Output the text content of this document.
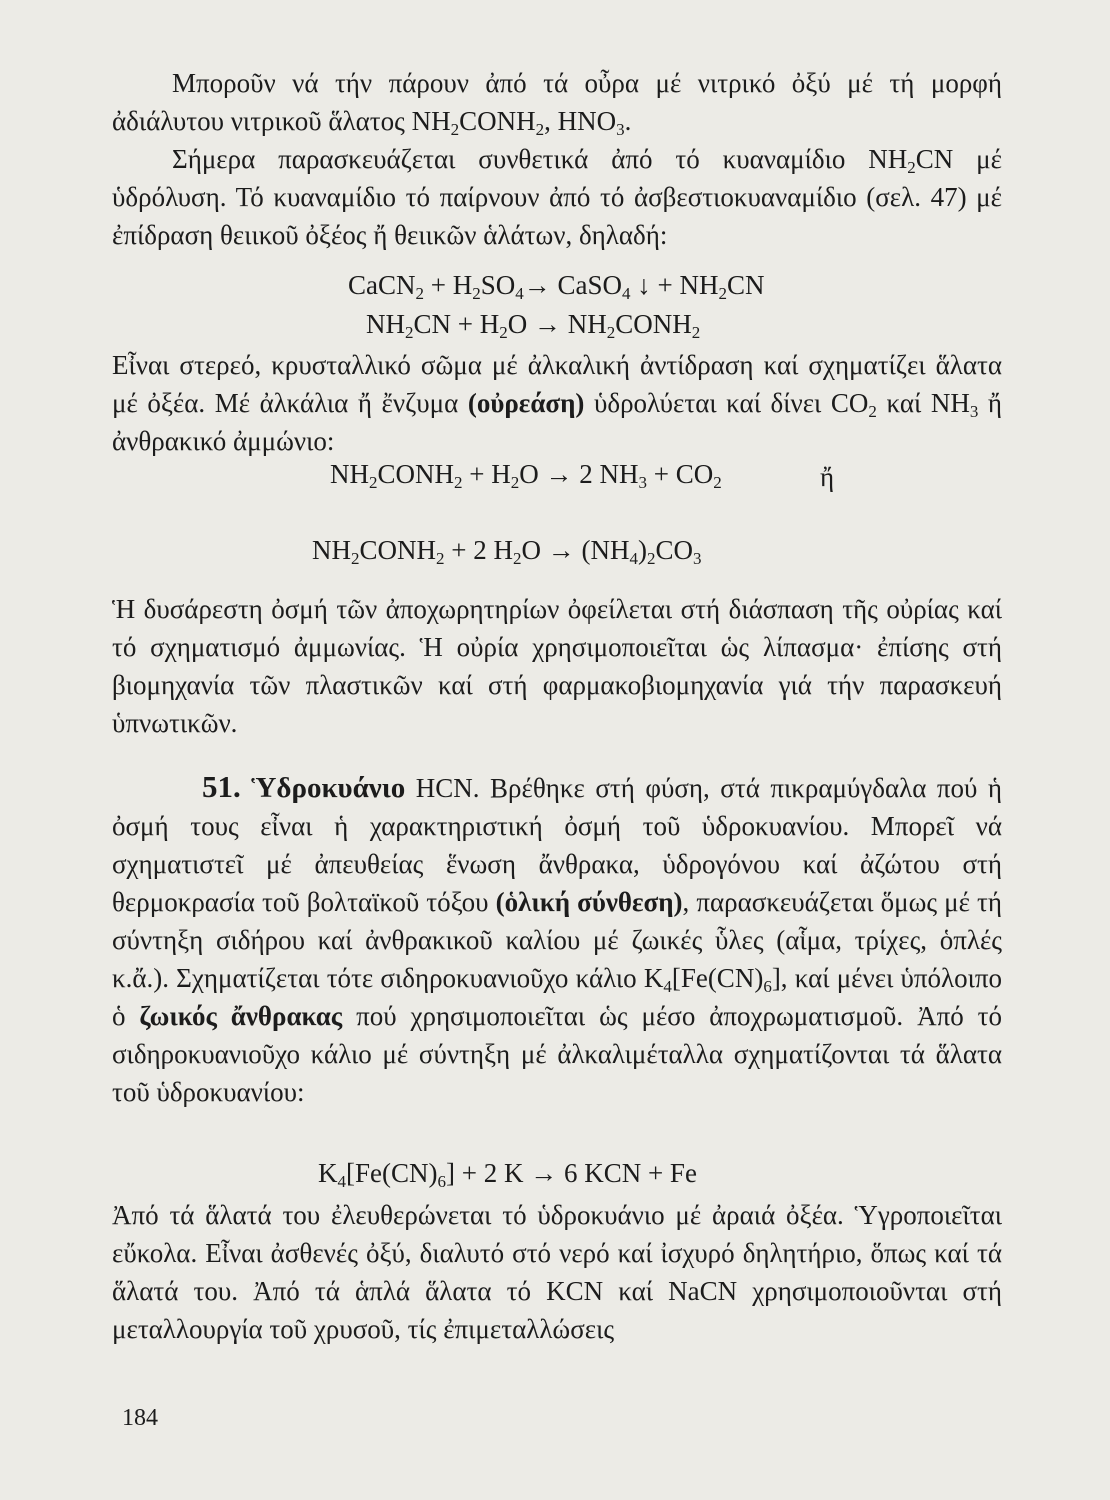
Μποροῦν νά τήν πάρουν ἀπό τά οὖρα μέ νιτρικό ὀξύ μέ τή μορφή ἀδιάλυτου νιτρικοῦ ἅλατος $NH_2CONH_2$, $HNO_3$.

Σήμερα παρασκευάζεται συνθετικά ἀπό τό κυαναμίδιο $NH_2CN$ μέ ὑδρόλυση. Τό κυαναμίδιο τό παίρνουν ἀπό τό ἀσβεστιοκυαναμίδιο (σελ. 47) μέ ἐπίδραση θειικοῦ ὀξέος ἤ θειικῶν ἁλάτων, δηλαδή:

CaCN$_2$ + $H_2SO_4\to$ CaSO$_4$ ↓ + $NH_2CN$
$NH_2CN + H_2O$ → $NH_2CONH_2$

Εἶναι στερεό, κρυσταλλικό σῶμα μέ ἀλκαλική ἀντίδραση καί σχηματίζει ἅλατα μέ ὀξέα. Μέ ἀλκάλια ἤ ἔνζυμα (οὐρεάση) ὑδρολύεται καί δίνει $CO_2$ καί $NH_3$ ἤ ἀνθρακικό ἀμμώνιο:

$NH_2CONH_2 + H_2O \to 2$ $NH_3 + CO_2$	ἤ
$NH_2CONH_2 + 2$ $H_2O \to (NH_4)_2CO_3$

Ἡ δυσάρεστη ὀσμή τῶν ἀποχωρητηρίων ὀφείλεται στή διάσπαση τῆς οὐρίας καί τό σχηματισμό ἀμμωνίας. Ἡ οὐρία χρησιμοποιεῖται ὡς λίπασμα· ἐπίσης στή βιομηχανία τῶν πλαστικῶν καί στή φαρμακοβιομηχανία γιά τήν παρασκευή ὑπνωτικῶν.

51. Ὑδροκυάνιο HCN. Βρέθηκε στή φύση, στά πικραμύγδαλα πού ἡ ὀσμή τους εἶναι ἡ χαρακτηριστική ὀσμή τοῦ ὑδροκυανίου. Μπορεῖ νά σχηματιστεῖ μέ ἀπευθείας ἕνωση ἄνθρακα, ὑδρογόνου καί ἀζώτου στή θερμοκρασία τοῦ βολταϊκοῦ τόξου (ὁλική σύνθεση), παρασκευάζεται ὅμως μέ τή σύντηξη σιδήρου καί ἀνθρακικοῦ καλίου μέ ζωικές ὗλες (αἷμα, τρίχες, ὁπλές κ.ἄ.). Σχηματίζεται τότε σιδηροκυανιοῦχο κάλιο $K_4[Fe(CN)_6]$, καί μένει ὑπόλοιπο ὁ ζωικός ἄνθρακας πού χρησιμοποιεῖται ὡς μέσο ἀποχρωματισμοῦ. Ἀπό τό σιδηροκυανιοῦχο κάλιο μέ σύντηξη μέ ἀλκαλιμέταλλα σχηματίζονται τά ἅλατα τοῦ ὑδροκυανίου:

$K_4[Fe(CN)_6] + 2$ K → 6 KCN + Fe

Ἀπό τά ἅλατά του ἐλευθερώνεται τό ὑδροκυάνιο μέ ἀραιά ὀξέα. Ὑγροποιεῖται εὔκολα. Εἶναι ἀσθενές ὀξύ, διαλυτό στό νερό καί ἰσχυρό δηλητήριο, ὅπως καί τά ἅλατά του. Ἀπό τά ἁπλά ἅλατα τό KCN καί NaCN χρησιμοποιοῦνται στή μεταλλουργία τοῦ χρυσοῦ, τίς ἐπιμεταλλώσεις

184
